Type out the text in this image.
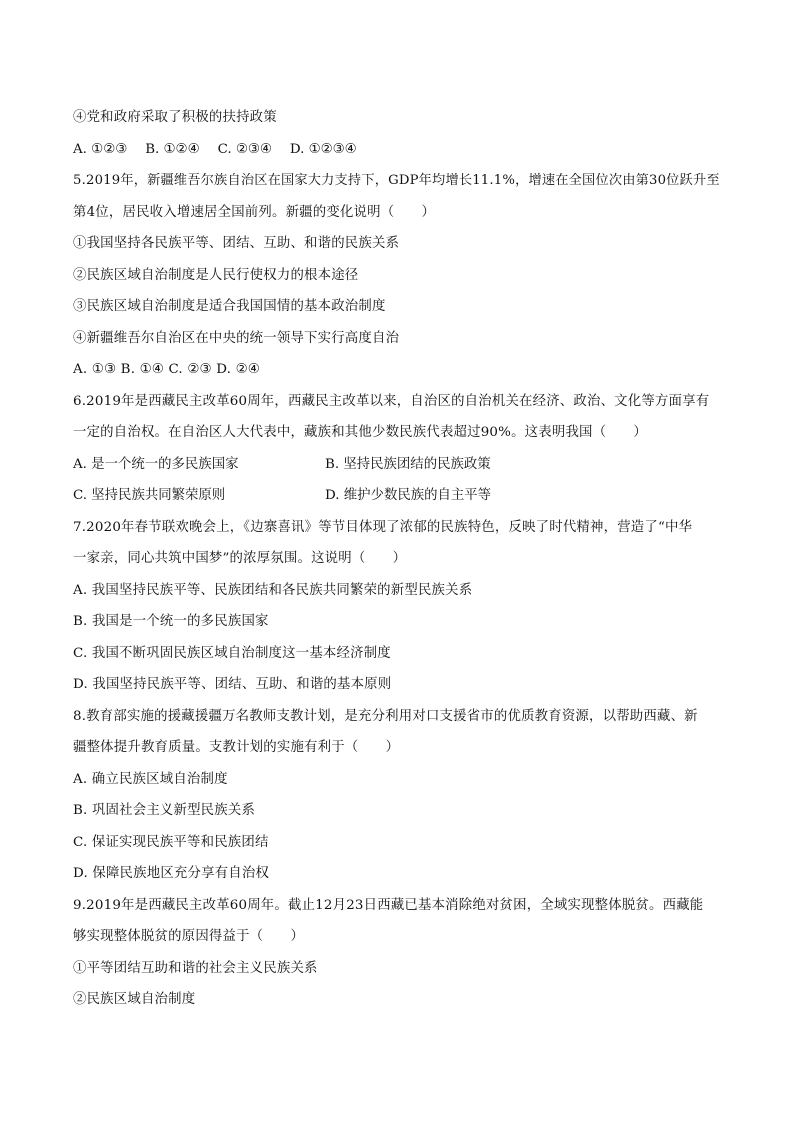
④党和政府采取了积极的扶持政策
A. ①②③ B. ①②④ C. ②③④ D. ①②③④
5.2019年，新疆维吾尔族自治区在国家大力支持下，GDP年均增长11.1%，增速在全国位次由第30位跃升至
第4位，居民收入增速居全国前列。新疆的变化说明（　　）
①我国坚持各民族平等、团结、互助、和谐的民族关系
②民族区域自治制度是人民行使权力的根本途径
③民族区域自治制度是适合我国国情的基本政治制度
④新疆维吾尔自治区在中央的统一领导下实行高度自治
A. ①③ B. ①④ C. ②③ D. ②④
6.2019年是西藏民主改革60周年，西藏民主改革以来，自治区的自治机关在经济、政治、文化等方面享有
一定的自治权。在自治区人大代表中，藏族和其他少数民族代表超过90%。这表明我国（　　）
A. 是一个统一的多民族国家	B. 坚持民族团结的民族政策
C. 坚持民族共同繁荣原则	D. 维护少数民族的自主平等
7.2020年春节联欢晚会上，《边寨喜讯》等节目体现了浓郁的民族特色，反映了时代精神，营造了“中华
一家亲，同心共筑中国梦”的浓厚氛围。这说明（　　）
A. 我国坚持民族平等、民族团结和各民族共同繁荣的新型民族关系
B. 我国是一个统一的多民族国家
C. 我国不断巩固民族区域自治制度这一基本经济制度
D. 我国坚持民族平等、团结、互助、和谐的基本原则
8.教育部实施的援藏援疆万名教师支教计划，是充分利用对口支援省市的优质教育资源，以帮助西藏、新
疆整体提升教育质量。支教计划的实施有利于（　　）
A. 确立民族区域自治制度
B. 巩固社会主义新型民族关系
C. 保证实现民族平等和民族团结
D. 保障民族地区充分享有自治权
9.2019年是西藏民主改革60周年。截止12月23日西藏已基本消除绝对贫困，全域实现整体脱贫。西藏能
够实现整体脱贫的原因得益于（　　）
①平等团结互助和谐的社会主义民族关系
②民族区域自治制度
